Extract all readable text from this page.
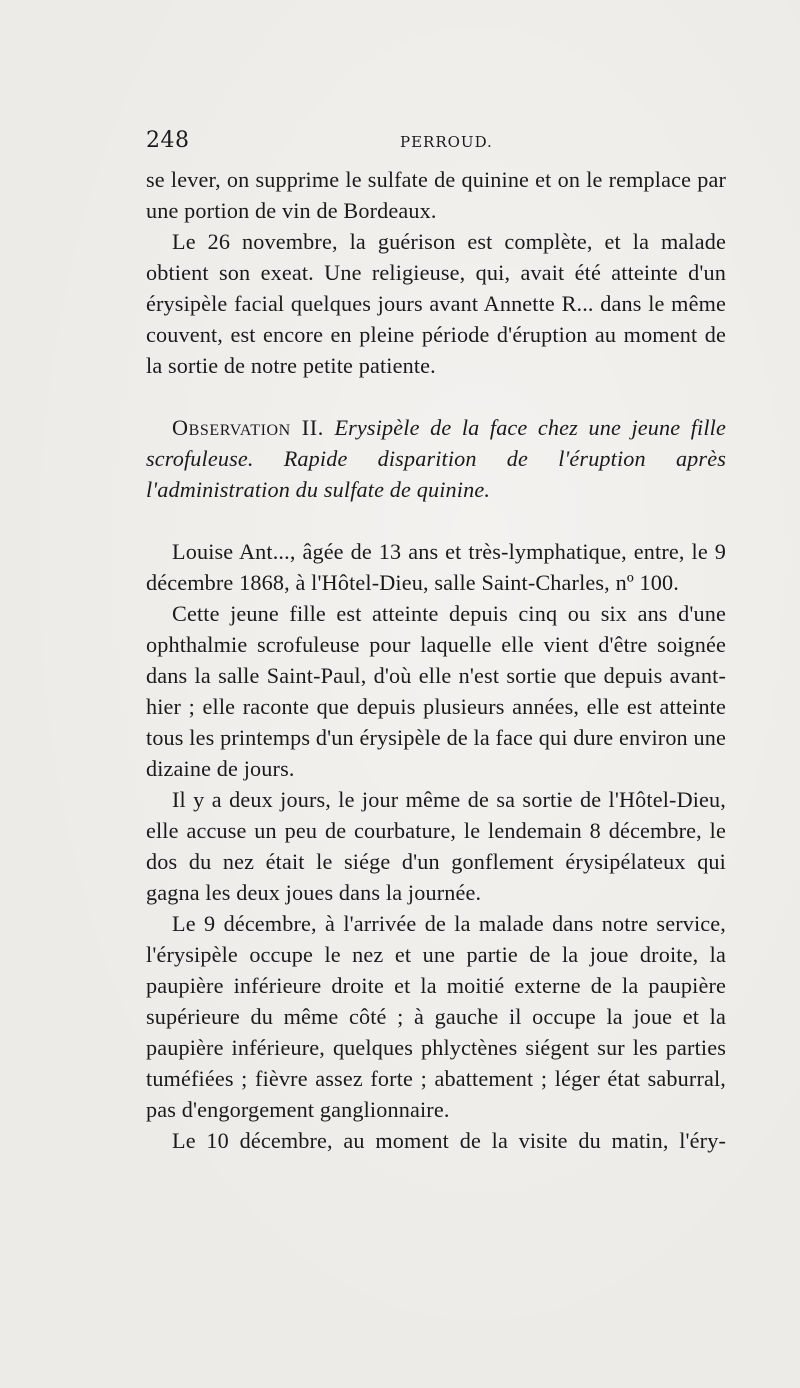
248	PERROUD.

se lever, on supprime le sulfate de quinine et on le remplace par une portion de vin de Bordeaux.

Le 26 novembre, la guérison est complète, et la malade obtient son exeat. Une religieuse, qui, avait été atteinte d'un érysipèle facial quelques jours avant Annette R... dans le même couvent, est encore en pleine période d'éruption au moment de la sortie de notre petite patiente.

Observation II. Erysipèle de la face chez une jeune fille scrofuleuse. Rapide disparition de l'éruption après l'administration du sulfate de quinine.

Louise Ant..., âgée de 13 ans et très-lymphatique, entre, le 9 décembre 1868, à l'Hôtel-Dieu, salle Saint-Charles, nº 100.

Cette jeune fille est atteinte depuis cinq ou six ans d'une ophthalmie scrofuleuse pour laquelle elle vient d'être soignée dans la salle Saint-Paul, d'où elle n'est sortie que depuis avant-hier ; elle raconte que depuis plusieurs années, elle est atteinte tous les printemps d'un érysipèle de la face qui dure environ une dizaine de jours.

Il y a deux jours, le jour même de sa sortie de l'Hôtel-Dieu, elle accuse un peu de courbature, le lendemain 8 décembre, le dos du nez était le siége d'un gonflement érysipélateux qui gagna les deux joues dans la journée.

Le 9 décembre, à l'arrivée de la malade dans notre service, l'érysipèle occupe le nez et une partie de la joue droite, la paupière inférieure droite et la moitié externe de la paupière supérieure du même côté ; à gauche il occupe la joue et la paupière inférieure, quelques phlyctènes siégent sur les parties tuméfiées ; fièvre assez forte ; abattement ; léger état saburral, pas d'engorgement ganglionnaire.

Le 10 décembre, au moment de la visite du matin, l'éry-
